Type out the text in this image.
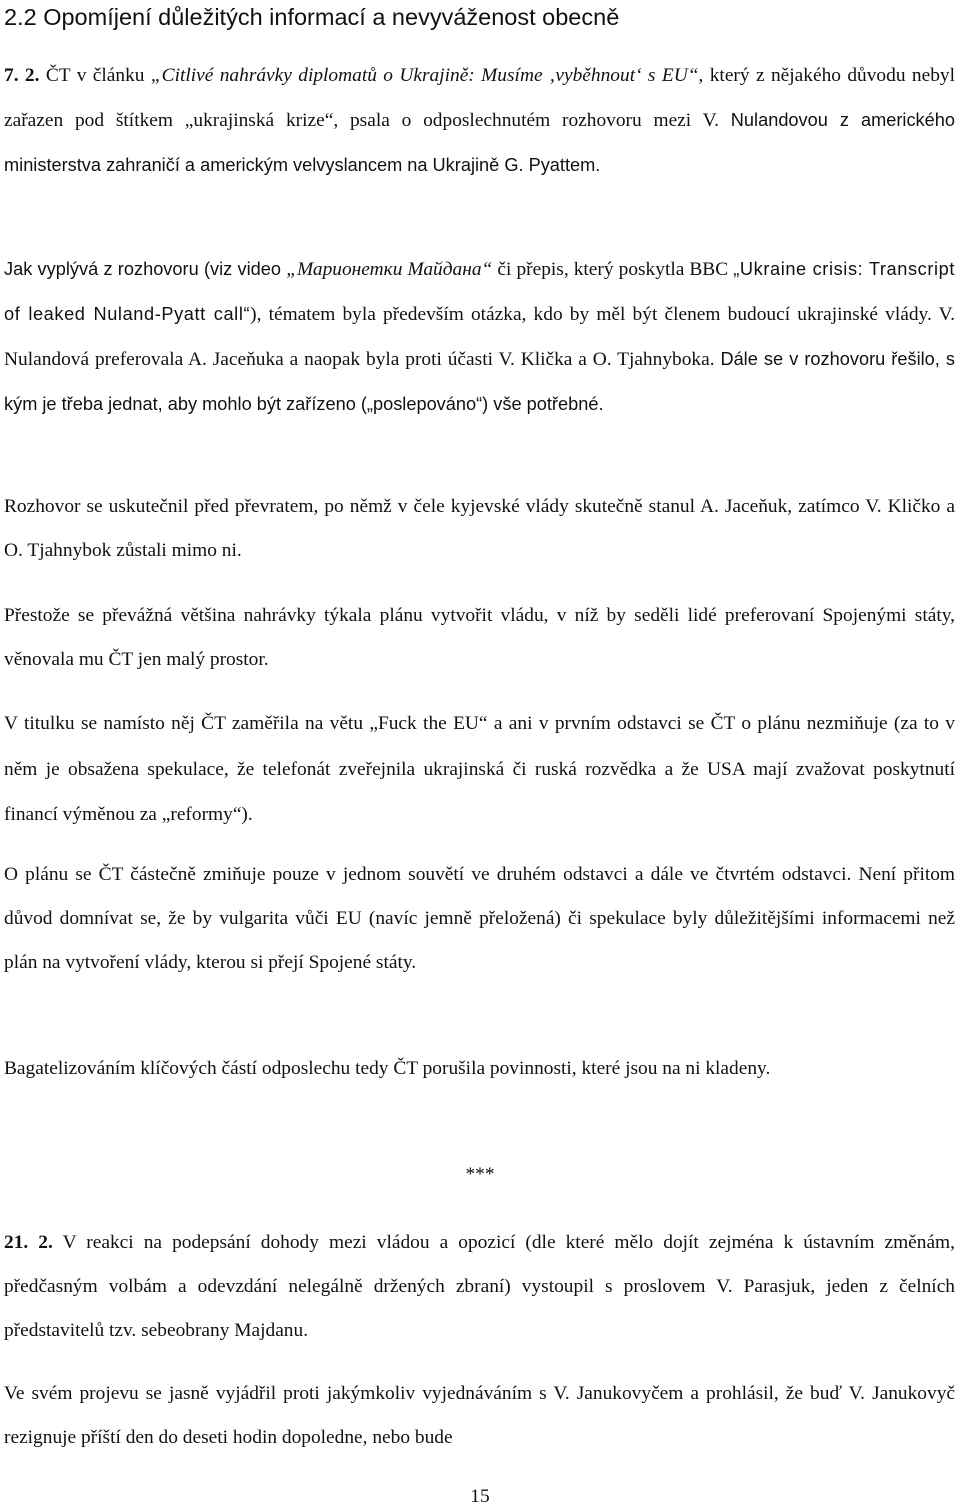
2.2 Opomíjení důležitých informací a nevyváženost obecně

7. 2. ČT v článku „Citlivé nahrávky diplomatů o Ukrajině: Musíme ‚vyběhnout‘ s EU“, který z nějakého důvodu nebyl zařazen pod štítkem „ukrajinská krize“, psala o odposlechnutém rozhovoru mezi V. Nulandovou z amerického ministerstva zahraničí a americkým velvyslancem na Ukrajině G. Pyattem.

Jak vyplývá z rozhovoru (viz video „Марионетки Майдана“ či přepis, který poskytla BBC „Ukraine crisis: Transcript of leaked Nuland-Pyatt call“), tématem byla především otázka, kdo by měl být členem budoucí ukrajinské vlády. V. Nulandová preferovala A. Jaceňuka a naopak byla proti účasti V. Klička a O. Tjahnyboka. Dále se v rozhovoru řešilo, s kým je třeba jednat, aby mohlo být zařízeno („poslepováno“) vše potřebné.

Rozhovor se uskutečnil před převratem, po němž v čele kyjevské vlády skutečně stanul A. Jaceňuk, zatímco V. Kličko a O. Tjahnybok zůstali mimo ni.

Přestože se převážná většina nahrávky týkala plánu vytvořit vládu, v níž by seděli lidé preferovaní Spojenými státy, věnovala mu ČT jen malý prostor.

V titulku se namísto něj ČT zaměřila na větu „Fuck the EU“ a ani v prvním odstavci se ČT o plánu nezmiňuje (za to v něm je obsažena spekulace, že telefonát zveřejnila ukrajinská či ruská rozvědka a že USA mají zvažovat poskytnutí financí výměnou za „reformy“).

O plánu se ČT částečně zmiňuje pouze v jednom souvětí ve druhém odstavci a dále ve čtvrtém odstavci. Není přitom důvod domnívat se, že by vulgarita vůči EU (navíc jemně přeložená) či spekulace byly důležitějšími informacemi než plán na vytvoření vlády, kterou si přejí Spojené státy.

Bagatelizováním klíčových částí odposlechu tedy ČT porušila povinnosti, které jsou na ni kladeny.

***

21. 2. V reakci na podepsání dohody mezi vládou a opozicí (dle které mělo dojít zejména k ústavním změnám, předčasným volbám a odevzdání nelegálně držených zbraní) vystoupil s proslovem V. Parasjuk, jeden z čelních představitelů tzv. sebeobrany Majdanu.

Ve svém projevu se jasně vyjádřil proti jakýmkoliv vyjednáváním s V. Janukovyčem a prohlásil, že buď V. Janukovyč rezignuje příští den do deseti hodin dopoledne, nebo bude

15
